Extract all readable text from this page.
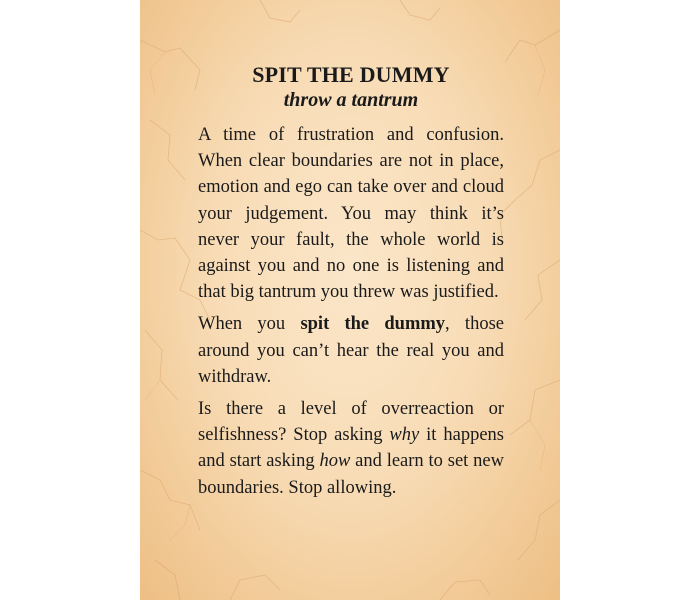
SPIT THE DUMMY
throw a tantrum

A time of frustration and confusion. When clear boundaries are not in place, emotion and ego can take over and cloud your judgement. You may think it’s never your fault, the whole world is against you and no one is listening and that big tantrum you threw was justified.

When you spit the dummy, those around you can’t hear the real you and withdraw.

Is there a level of overreaction or selfishness? Stop asking why it happens and start asking how and learn to set new boundaries. Stop allowing.
